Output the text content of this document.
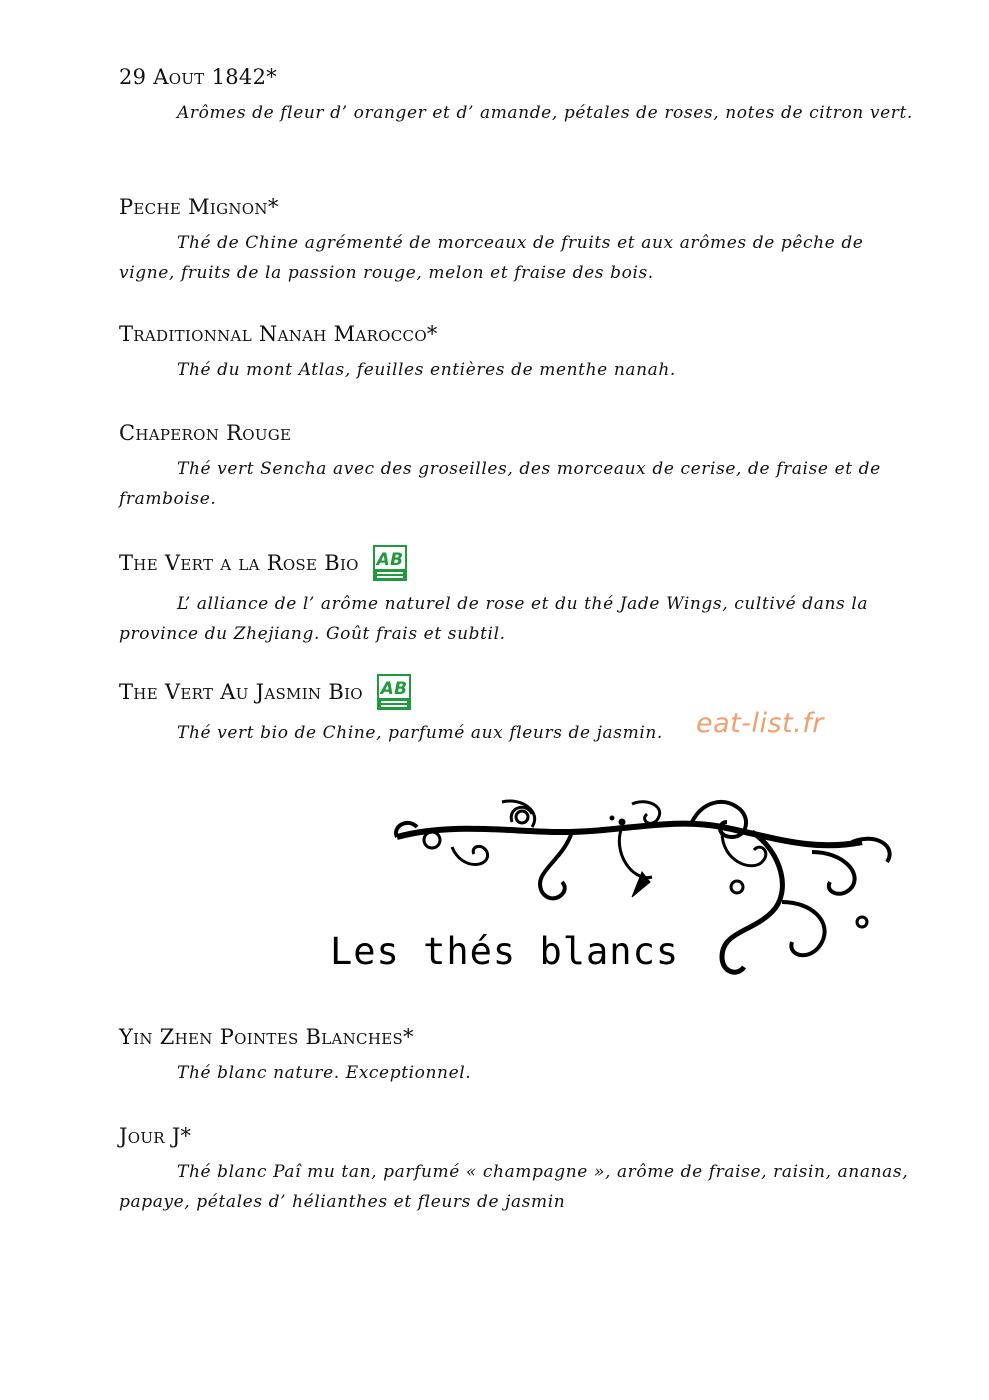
29 Aout 1842*
Arômes de fleur d’ oranger et d’ amande, pétales de roses, notes de citron vert.
Peche Mignon*
Thé de Chine agrémenté de morceaux de fruits et aux arômes de pêche de vigne, fruits de la passion rouge, melon et fraise des bois.
Traditionnal Nanah Marocco*
Thé du mont Atlas, feuilles entières de menthe nanah.
Chaperon Rouge
Thé vert Sencha avec des groseilles, des morceaux de cerise, de fraise et de framboise.
The Vert a la Rose Bio AB
L’ alliance de l’ arôme naturel de rose et du thé Jade Wings, cultivé dans la province du Zhejiang. Goût frais et subtil.
The Vert Au Jasmin Bio AB
Thé vert bio de Chine, parfumé aux fleurs de jasmin.	eat-list.fr
Les thés blancs
Yin Zhen Pointes Blanches*
Thé blanc nature. Exceptionnel.
Jour J*
Thé blanc Paî mu tan, parfumé « champagne », arôme de fraise, raisin, ananas, papaye, pétales d’ hélianthes et fleurs de jasmin
